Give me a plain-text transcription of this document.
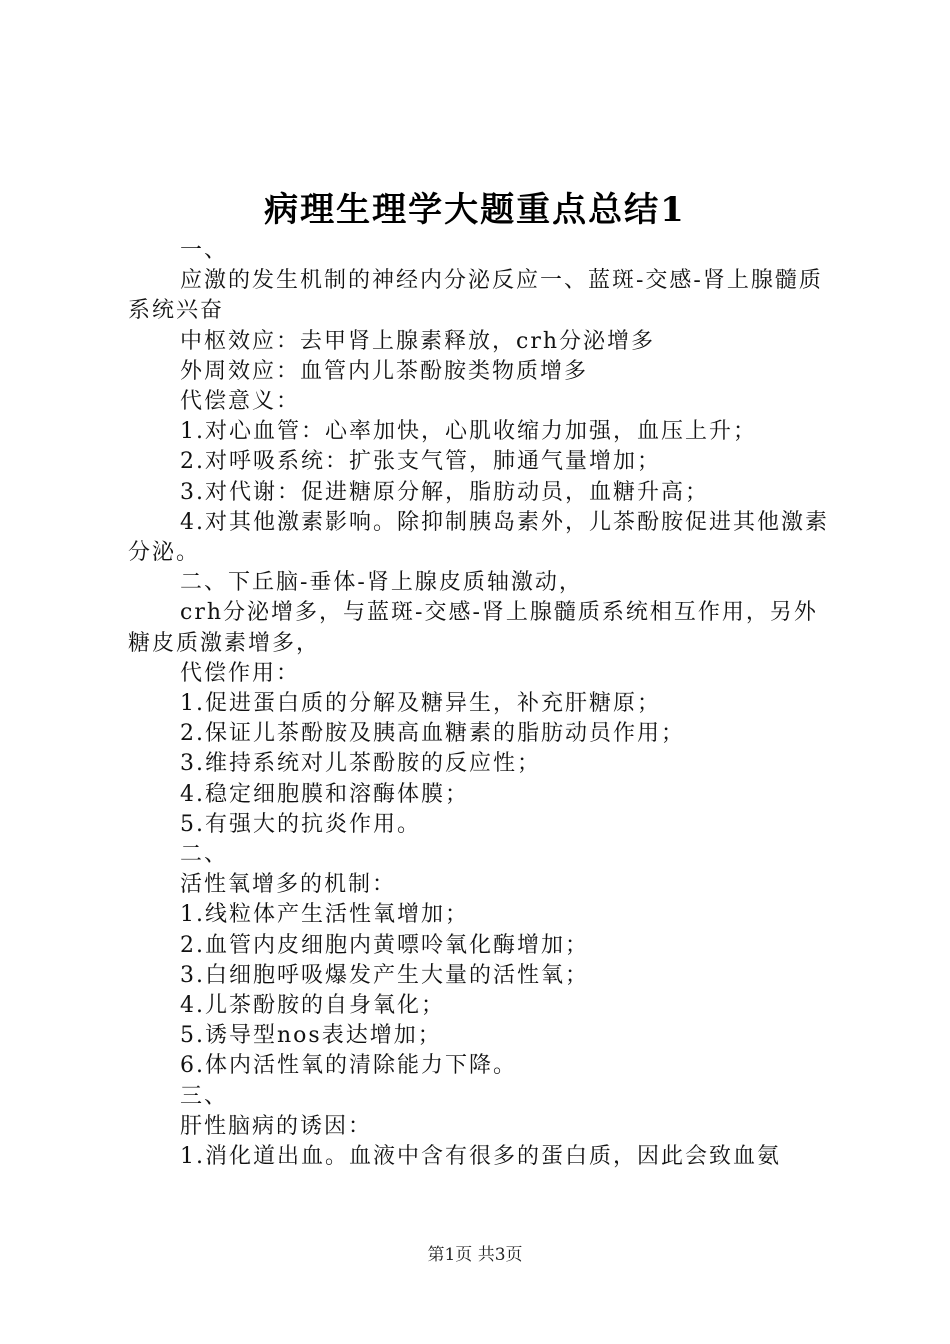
病理生理学大题重点总结1

一、

应激的发生机制的神经内分泌反应一、蓝斑-交感-肾上腺髓质系统兴奋

中枢效应：去甲肾上腺素释放，crh分泌增多

外周效应：血管内儿茶酚胺类物质增多

代偿意义：

1.对心血管：心率加快，心肌收缩力加强，血压上升；

2.对呼吸系统：扩张支气管，肺通气量增加；

3.对代谢：促进糖原分解，脂肪动员，血糖升高；

4.对其他激素影响。除抑制胰岛素外，儿茶酚胺促进其他激素分泌。

二、下丘脑-垂体-肾上腺皮质轴激动，

crh分泌增多，与蓝斑-交感-肾上腺髓质系统相互作用，另外糖皮质激素增多，

代偿作用：

1.促进蛋白质的分解及糖异生，补充肝糖原；

2.保证儿茶酚胺及胰高血糖素的脂肪动员作用；

3.维持系统对儿茶酚胺的反应性；

4.稳定细胞膜和溶酶体膜；

5.有强大的抗炎作用。

二、

活性氧增多的机制：

1.线粒体产生活性氧增加；

2.血管内皮细胞内黄嘌呤氧化酶增加；

3.白细胞呼吸爆发产生大量的活性氧；

4.儿茶酚胺的自身氧化；

5.诱导型nos表达增加；

6.体内活性氧的清除能力下降。

三、

肝性脑病的诱因：

1.消化道出血。血液中含有很多的蛋白质，因此会致血氨

第1页 共3页
